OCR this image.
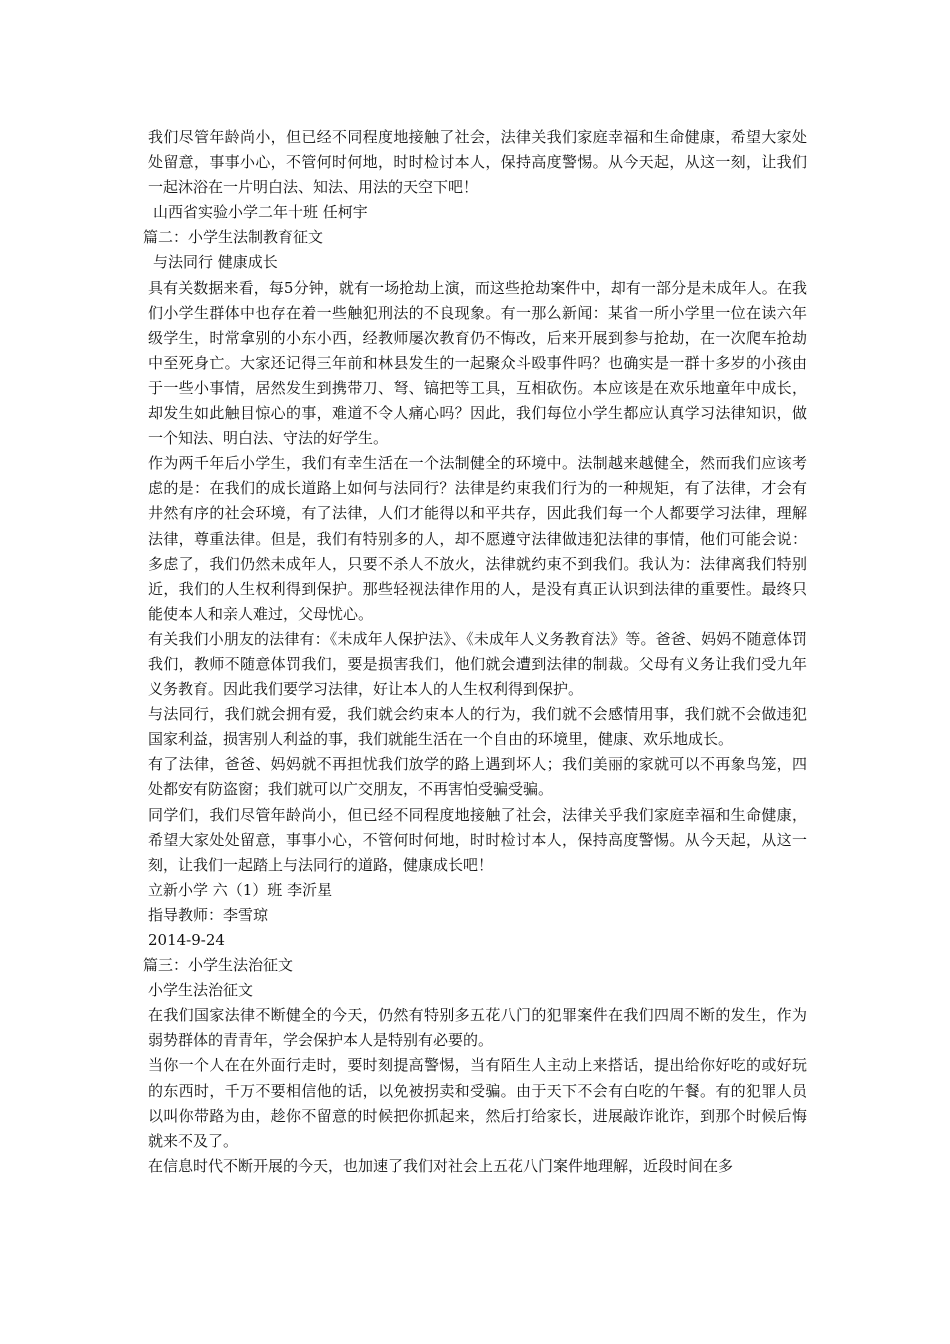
我们尽管年龄尚小，但已经不同程度地接触了社会，法律关我们家庭幸福和生命健康，希望大家处处留意，事事小心，不管何时何地，时时检讨本人，保持高度警惕。从今天起，从这一刻，让我们一起沐浴在一片明白法、知法、用法的天空下吧！

山西省实验小学二年十班 任柯宇

篇二：小学生法制教育征文

与法同行 健康成长

具有关数据来看，每5分钟，就有一场抢劫上演，而这些抢劫案件中，却有一部分是未成年人。在我们小学生群体中也存在着一些触犯刑法的不良现象。有一那么新闻：某省一所小学里一位在读六年级学生，时常拿别的小东小西，经教师屡次教育仍不悔改，后来开展到参与抢劫，在一次爬车抢劫中至死身亡。大家还记得三年前和林县发生的一起聚众斗殴事件吗？也确实是一群十多岁的小孩由于一些小事情，居然发生到携带刀、弩、镐把等工具，互相砍伤。本应该是在欢乐地童年中成长，却发生如此触目惊心的事，难道不令人痛心吗？因此，我们每位小学生都应认真学习法律知识，做一个知法、明白法、守法的好学生。

作为两千年后小学生，我们有幸生活在一个法制健全的环境中。法制越来越健全，然而我们应该考虑的是：在我们的成长道路上如何与法同行？法律是约束我们行为的一种规矩，有了法律，才会有井然有序的社会环境，有了法律，人们才能得以和平共存，因此我们每一个人都要学习法律，理解法律，尊重法律。但是，我们有特别多的人，却不愿遵守法律做违犯法律的事情，他们可能会说：多虑了，我们仍然未成年人，只要不杀人不放火，法律就约束不到我们。我认为：法律离我们特别近，我们的人生权利得到保护。那些轻视法律作用的人，是没有真正认识到法律的重要性。最终只能使本人和亲人难过，父母忧心。

有关我们小朋友的法律有：《未成年人保护法》、《未成年人义务教育法》等。爸爸、妈妈不随意体罚我们，教师不随意体罚我们，要是损害我们，他们就会遭到法律的制裁。父母有义务让我们受九年义务教育。因此我们要学习法律，好让本人的人生权利得到保护。

与法同行，我们就会拥有爱，我们就会约束本人的行为，我们就不会感情用事，我们就不会做违犯国家利益，损害别人利益的事，我们就能生活在一个自由的环境里，健康、欢乐地成长。

有了法律，爸爸、妈妈就不再担忧我们放学的路上遇到坏人；我们美丽的家就可以不再象鸟笼，四处都安有防盗窗；我们就可以广交朋友，不再害怕受骗受骗。

同学们，我们尽管年龄尚小，但已经不同程度地接触了社会，法律关乎我们家庭幸福和生命健康，希望大家处处留意，事事小心，不管何时何地，时时检讨本人，保持高度警惕。从今天起，从这一刻，让我们一起踏上与法同行的道路，健康成长吧！

立新小学 六（1）班 李沂星

指导教师：李雪琼

2014-9-24

篇三：小学生法治征文

小学生法治征文

在我们国家法律不断健全的今天，仍然有特别多五花八门的犯罪案件在我们四周不断的发生，作为弱势群体的青青年，学会保护本人是特别有必要的。

当你一个人在在外面行走时，要时刻提高警惕，当有陌生人主动上来搭话，提出给你好吃的或好玩的东西时，千万不要相信他的话，以免被拐卖和受骗。由于天下不会有白吃的午餐。有的犯罪人员以叫你带路为由，趁你不留意的时候把你抓起来，然后打给家长，进展敲诈讹诈，到那个时候后悔就来不及了。

在信息时代不断开展的今天，也加速了我们对社会上五花八门案件地理解，近段时间在多
